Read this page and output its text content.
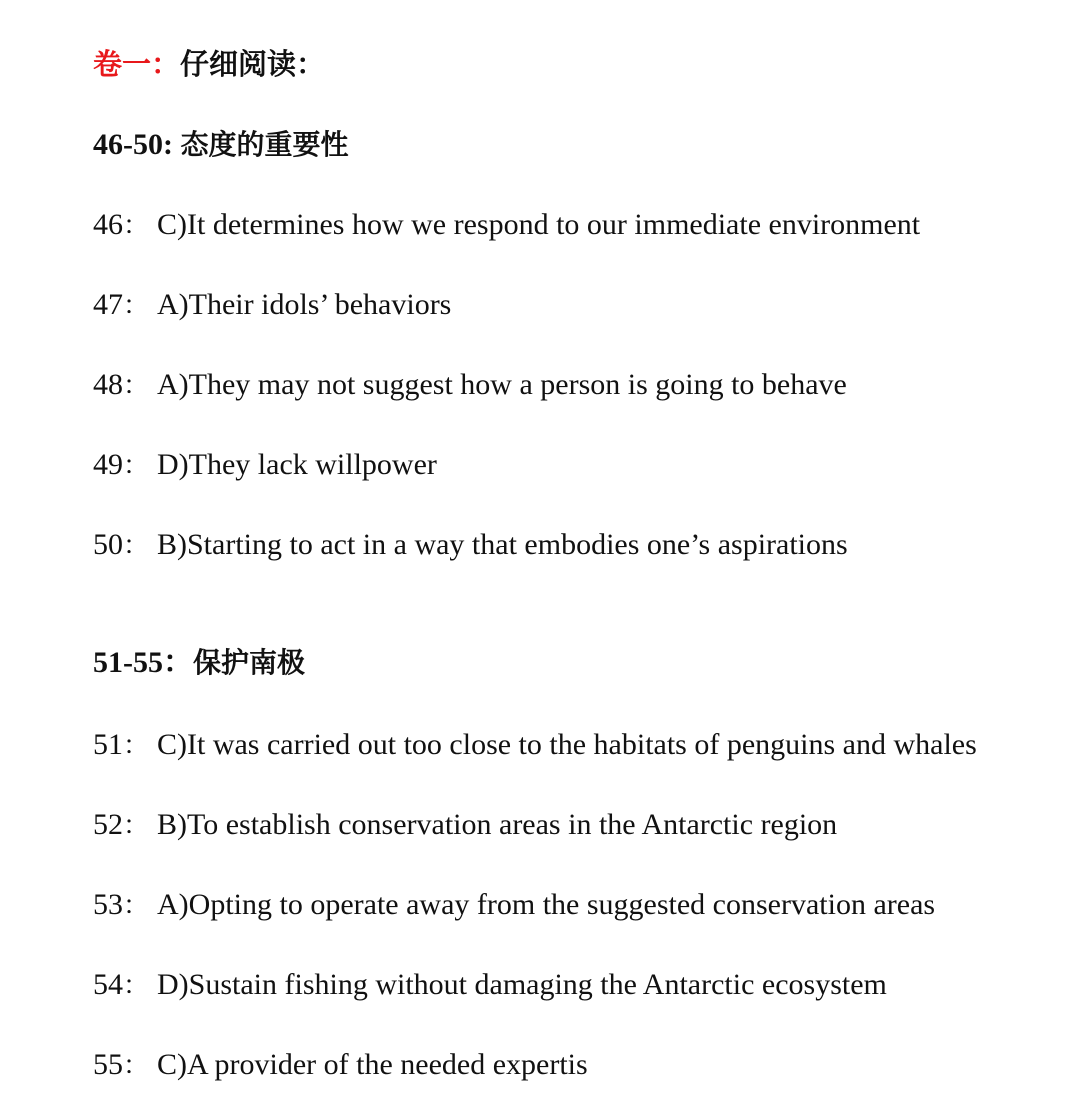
卷一：仔细阅读：
46-50: 态度的重要性
46： C)It determines how we respond to our immediate environment
47： A)Their idols’ behaviors
48： A)They may not suggest how a person is going to behave
49： D)They lack willpower
50： B)Starting to act in a way that embodies one’s aspirations
51-55：保护南极
51： C)It was carried out too close to the habitats of penguins and whales
52： B)To establish conservation areas in the Antarctic region
53： A)Opting to operate away from the suggested conservation areas
54： D)Sustain fishing without damaging the Antarctic ecosystem
55： C)A provider of the needed expertis
